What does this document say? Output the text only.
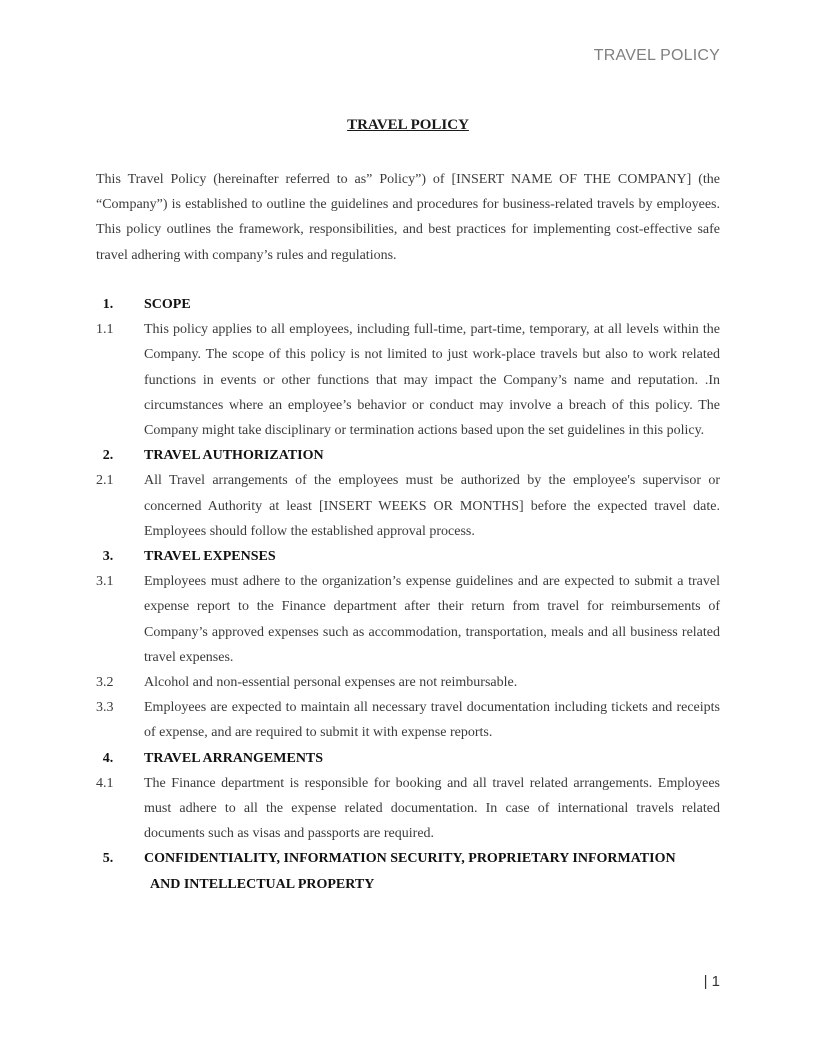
TRAVEL POLICY
TRAVEL POLICY
This Travel Policy (hereinafter referred to as” Policy”) of [INSERT NAME OF THE COMPANY] (the “Company”) is established to outline the guidelines and procedures for business-related travels by employees. This policy outlines the framework, responsibilities, and best practices for implementing cost-effective safe travel adhering with company’s rules and regulations.
1.	SCOPE
1.1	This policy applies to all employees, including full-time, part-time, temporary, at all levels within the Company. The scope of this policy is not limited to just work-place travels but also to work related functions in events or other functions that may impact the Company’s name and reputation. .In circumstances where an employee’s behavior or conduct may involve a breach of this policy. The Company might take disciplinary or termination actions based upon the set guidelines in this policy.
2.	TRAVEL AUTHORIZATION
2.1	All Travel arrangements of the employees must be authorized by the employee's supervisor or concerned Authority at least [INSERT WEEKS OR MONTHS] before the expected travel date. Employees should follow the established approval process.
3.	TRAVEL EXPENSES
3.1	Employees must adhere to the organization’s expense guidelines and are expected to submit a travel expense report to the Finance department after their return from travel for reimbursements of Company’s approved expenses such as accommodation, transportation, meals and all business related travel expenses.
3.2	Alcohol and non-essential personal expenses are not reimbursable.
3.3	Employees are expected to maintain all necessary travel documentation including tickets and receipts of expense, and are required to submit it with expense reports.
4.	TRAVEL ARRANGEMENTS
4.1	The Finance department is responsible for booking and all travel related arrangements. Employees must adhere to all the expense related documentation. In case of international travels related documents such as visas and passports are required.
5.	CONFIDENTIALITY, INFORMATION SECURITY, PROPRIETARY INFORMATION
AND INTELLECTUAL PROPERTY
| 1
